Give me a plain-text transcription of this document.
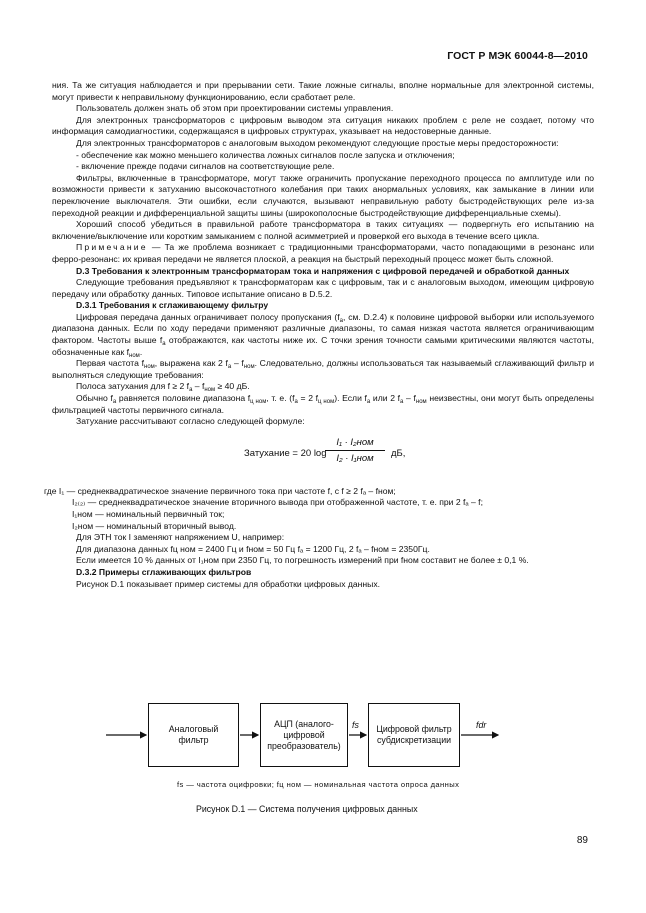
ГОСТ Р МЭК 60044-8—2010

ния. Та же ситуация наблюдается и при прерывании сети. Такие ложные сигналы, вполне нормальные для электронной системы, могут привести к неправильному функционированию, если сработает реле.

Пользователь должен знать об этом при проектировании системы управления.

Для электронных трансформаторов с цифровым выводом эта ситуация никаких проблем с реле не создает, потому что информация самодиагностики, содержащаяся в цифровых структурах, указывает на недостоверные данные.

Для электронных трансформаторов с аналоговым выходом рекомендуют следующие простые меры предосторожности:

- обеспечение как можно меньшего количества ложных сигналов после запуска и отключения;

- включение прежде подачи сигналов на соответствующие реле.

Фильтры, включенные в трансформаторе, могут также ограничить пропускание переходного процесса по амплитуде или по возможности привести к затуханию высокочастотного колебания при таких анормальных условиях, как замыкание в линии или переключение выключателя. Эти ошибки, если случаются, вызывают неправильную работу быстродействующих реле из-за переходной реакции и дифференциальной защиты шины (широкополосные быстродействующие дифференциальные схемы).

Хороший способ убедиться в правильной работе трансформатора в таких ситуациях — подвергнуть его испытанию на включение/выключение или коротким замыканием с полной асимметрией и проверкой его выхода в течение всего цикла.

Примечание — Та же проблема возникает с традиционными трансформаторами, часто попадающими в резонанс или ферро-резонанс: их кривая передачи не является плоской, а реакция на быстрый переходный процесс может быть сложной.

D.3 Требования к электронным трансформаторам тока и напряжения с цифровой передачей и обработкой данных

Следующие требования предъявляют к трансформаторам как с цифровым, так и с аналоговым выходом, имеющим цифровую передачу или обработку данных. Типовое испытание описано в D.5.2.

D.3.1 Требования к сглаживающему фильтру

Цифровая передача данных ограничивает полосу пропускания ($f_a$, см. D.2.4) к половине цифровой выборки или используемого диапазона данных. Если по ходу передачи применяют различные диапазоны, то самая низкая частота является ограничивающим фактором. Частоты выше $f_a$ отображаются, как частоты ниже их. С точки зрения точности самыми критическими являются частоты, обозначенные как $f_{ном}$.

Первая частота $f_{ном}$, выражена как 2 $f_a - f_{ном}$. Следовательно, должны использоваться так называемый сглаживающий фильтр и выполняться следующие требования:

Полоса затухания для f ≥ 2 $f_a - f_{ном} \ge 40$ дБ.

Обычно $f_a$ равняется половине диапазона $f_{ц ном}$, т. е. ($f_a = 2$ $f_{ц ном}$). Если $f_a$ или 2 $f_a - f_{ном}$ неизвестны, они могут быть определены фильтрацией частоты первичного сигнала.

Затухание рассчитывают согласно следующей формуле:

Затухание = 20 log
I₁ · I₂ном
I₂ · I₁ном
дБ,

где I₁ — среднеквадратическое значение первичного тока при частоте f, с f ≥ 2 fₐ – fном;

I₂₍₂₎ — среднеквадратическое значение вторичного вывода при отображенной частоте, т. е. при 2 fₐ – f;

I₁ном — номинальный первичный ток;

I₂ном — номинальный вторичный вывод.

Для ЭТН ток I заменяют напряжением U, например:

Для диапазона данных fц ном = 2400 Гц и fном = 50 Гц fₐ = 1200 Гц, 2 fₐ – fном = 2350Гц.

Если имеется 10 % данных от I₁ном при 2350 Гц, то погрешность измерений при fном составит не более ± 0,1 %.

D.3.2 Примеры сглаживающих фильтров

Рисунок D.1 показывает пример системы для обработки цифровых данных.

Аналоговый фильтр
АЦП (аналого-цифровой преобразователь)
Цифровой фильтр субдискретизации
fs	fdr
fs — частота оцифровки; fц ном — номинальная частота опроса данных
Рисунок D.1 — Система получения цифровых данных
89
